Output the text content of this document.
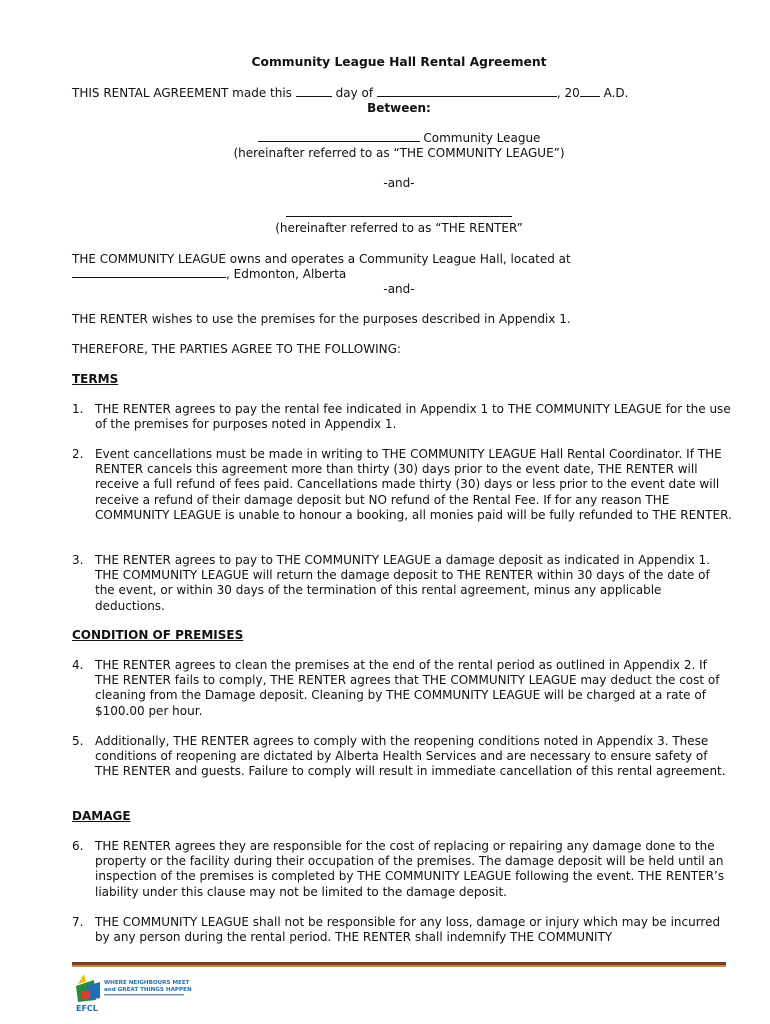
Community League Hall Rental Agreement
THIS RENTAL AGREEMENT made this	day of	, 20 A.D.
Between:
Community League
(hereinafter referred to as “THE COMMUNITY LEAGUE”)
-and-
(hereinafter referred to as “THE RENTER”
THE COMMUNITY LEAGUE owns and operates a Community League Hall, located at
, Edmonton, Alberta
-and-
THE RENTER wishes to use the premises for the purposes described in Appendix 1.
THEREFORE, THE PARTIES AGREE TO THE FOLLOWING:
TERMS
1. THE RENTER agrees to pay the rental fee indicated in Appendix 1 to THE COMMUNITY LEAGUE for the use of the premises for purposes noted in Appendix 1.
2. Event cancellations must be made in writing to THE COMMUNITY LEAGUE Hall Rental Coordinator. If THE RENTER cancels this agreement more than thirty (30) days prior to the event date, THE RENTER will receive a full refund of fees paid. Cancellations made thirty (30) days or less prior to the event date will receive a refund of their damage deposit but NO refund of the Rental Fee. If for any reason THE COMMUNITY LEAGUE is unable to honour a booking, all monies paid will be fully refunded to THE RENTER.
3. THE RENTER agrees to pay to THE COMMUNITY LEAGUE a damage deposit as indicated in Appendix 1. THE COMMUNITY LEAGUE will return the damage deposit to THE RENTER within 30 days of the date of the event, or within 30 days of the termination of this rental agreement, minus any applicable deductions.
CONDITION OF PREMISES
4. THE RENTER agrees to clean the premises at the end of the rental period as outlined in Appendix 2. If THE RENTER fails to comply, THE RENTER agrees that THE COMMUNITY LEAGUE may deduct the cost of cleaning from the Damage deposit. Cleaning by THE COMMUNITY LEAGUE will be charged at a rate of $100.00 per hour.
5. Additionally, THE RENTER agrees to comply with the reopening conditions noted in Appendix 3. These conditions of reopening are dictated by Alberta Health Services and are necessary to ensure safety of THE RENTER and guests. Failure to comply will result in immediate cancellation of this rental agreement.
DAMAGE
6. THE RENTER agrees they are responsible for the cost of replacing or repairing any damage done to the property or the facility during their occupation of the premises. The damage deposit will be held until an inspection of the premises is completed by THE COMMUNITY LEAGUE following the event. THE RENTER’s liability under this clause may not be limited to the damage deposit.
7. THE COMMUNITY LEAGUE shall not be responsible for any loss, damage or injury which may be incurred by any person during the rental period. THE RENTER shall indemnify THE COMMUNITY
EFCL
WHERE NEIGHBOURS MEET
and GREAT THINGS HAPPEN
